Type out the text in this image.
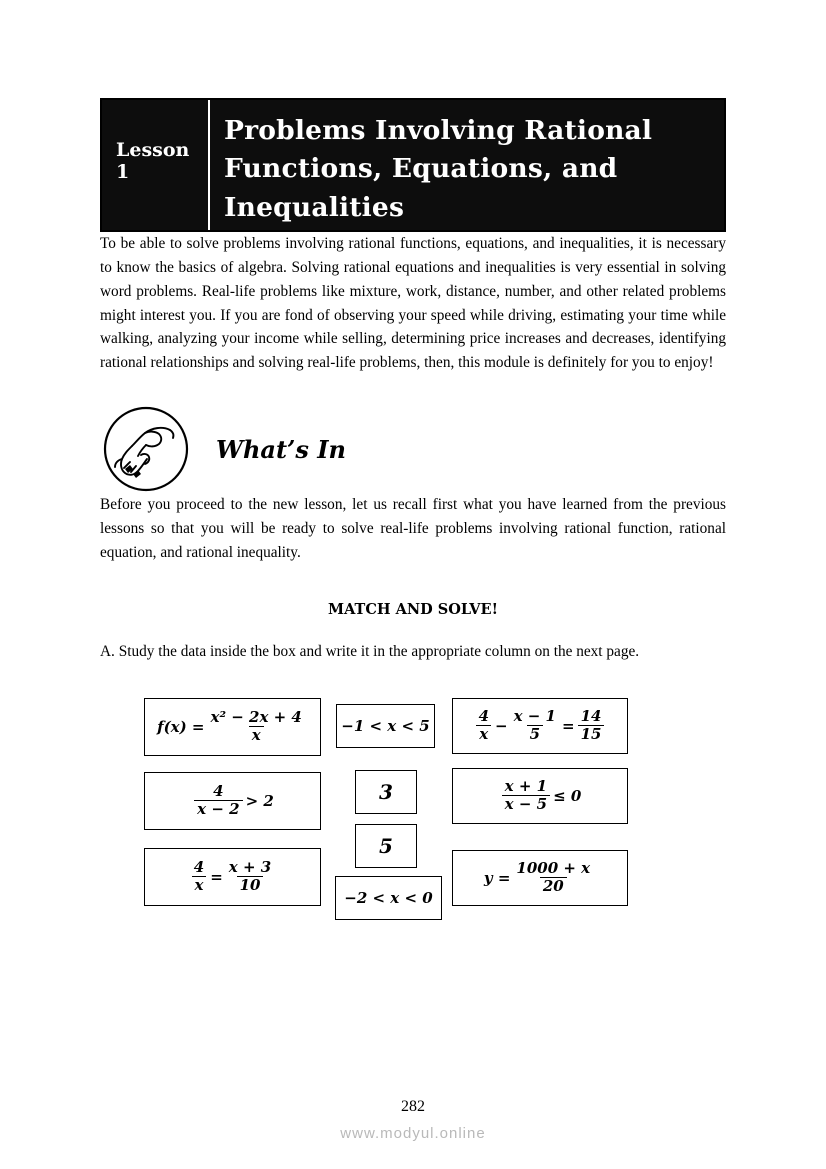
Lesson
1
Problems Involving Rational Functions, Equations, and Inequalities

To be able to solve problems involving rational functions, equations, and inequalities, it is necessary to know the basics of algebra. Solving rational equations and inequalities is very essential in solving word problems. Real-life problems like mixture, work, distance, number, and other related problems might interest you. If you are fond of observing your speed while driving, estimating your time while walking, analyzing your income while selling, determining price increases and decreases, identifying rational relationships and solving real-life problems, then, this module is definitely for you to enjoy!

What’s In

Before you proceed to the new lesson, let us recall first what you have learned from the previous lessons so that you will be ready to solve real-life problems involving rational function, rational equation, and rational inequality.

MATCH AND SOLVE!
A. Study the data inside the box and write it in the appropriate column on the next page.
$f(x) = \frac{\text{x² − 2x + 4}}{x}$
$\frac{4}{x - 2} > 2$
$\frac{4}{x} = \frac{x + 3}{10}$
−1 < x < 5
3
5
−2 < x < 0
$\frac{4}{x} - \frac{x - 1}{5} = \frac{14}{15}$
$\frac{x + 1}{x - 5} \le 0$
$y = \frac{1000 + x}{20}$
282
www.modyul.online
